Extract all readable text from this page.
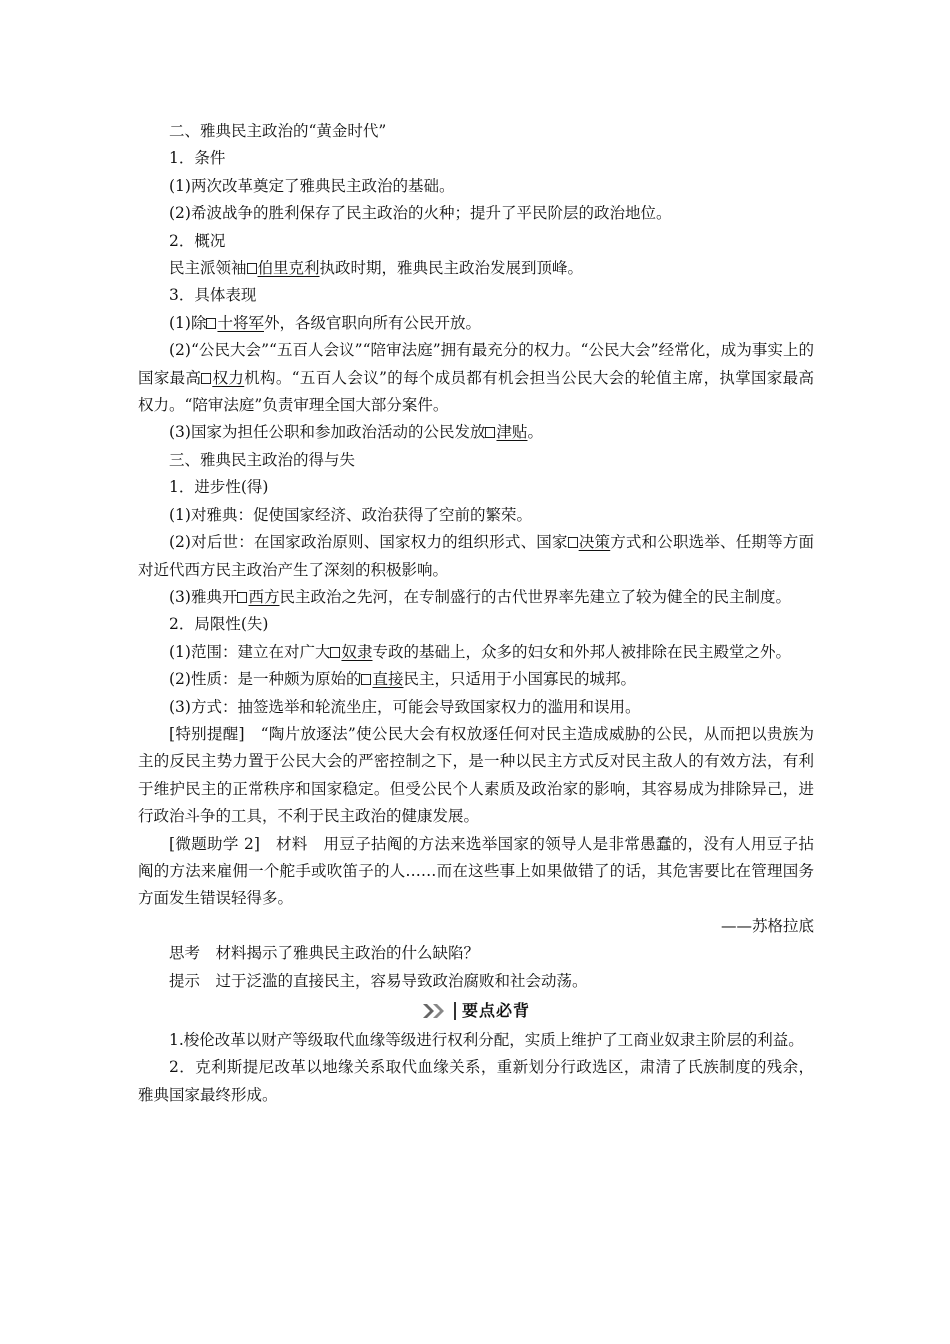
二、雅典民主政治的“黄金时代”

1．条件

(1)两次改革奠定了雅典民主政治的基础。

(2)希波战争的胜利保存了民主政治的火种；提升了平民阶层的政治地位。

2．概况

民主派领袖 伯里克利执政时期，雅典民主政治发展到顶峰。

3．具体表现

(1)除 十将军外，各级官职向所有公民开放。

(2)“公民大会”“五百人会议”“陪审法庭”拥有最充分的权力。“公民大会”经常化，成为事实上的国家最高 权力机构。“五百人会议”的每个成员都有机会担当公民大会的轮值主席，执掌国家最高权力。“陪审法庭”负责审理全国大部分案件。

(3)国家为担任公职和参加政治活动的公民发放 津贴。

三、雅典民主政治的得与失

1．进步性(得)

(1)对雅典：促使国家经济、政治获得了空前的繁荣。

(2)对后世：在国家政治原则、国家权力的组织形式、国家 决策方式和公职选举、任期等方面对近代西方民主政治产生了深刻的积极影响。

(3)雅典开 西方民主政治之先河，在专制盛行的古代世界率先建立了较为健全的民主制度。

2．局限性(失)

(1)范围：建立在对广大 奴隶专政的基础上，众多的妇女和外邦人被排除在民主殿堂之外。

(2)性质：是一种颇为原始的 直接民主，只适用于小国寡民的城邦。

(3)方式：抽签选举和轮流坐庄，可能会导致国家权力的滥用和误用。

[特别提醒]　“陶片放逐法”使公民大会有权放逐任何对民主造成威胁的公民，从而把以贵族为主的反民主势力置于公民大会的严密控制之下，是一种以民主方式反对民主敌人的有效方法，有利于维护民主的正常秩序和国家稳定。但受公民个人素质及政治家的影响，其容易成为排除异己，进行政治斗争的工具，不利于民主政治的健康发展。

[微题助学 2]　材料　用豆子拈阄的方法来选举国家的领导人是非常愚蠢的，没有人用豆子拈阄的方法来雇佣一个舵手或吹笛子的人……而在这些事上如果做错了的话，其危害要比在管理国务方面发生错误轻得多。

——苏格拉底

思考　材料揭示了雅典民主政治的什么缺陷？

提示　过于泛滥的直接民主，容易导致政治腐败和社会动荡。

要点必背

1.梭伦改革以财产等级取代血缘等级进行权利分配，实质上维护了工商业奴隶主阶层的利益。

2．克利斯提尼改革以地缘关系取代血缘关系，重新划分行政选区，肃清了氏族制度的残余，雅典国家最终形成。
